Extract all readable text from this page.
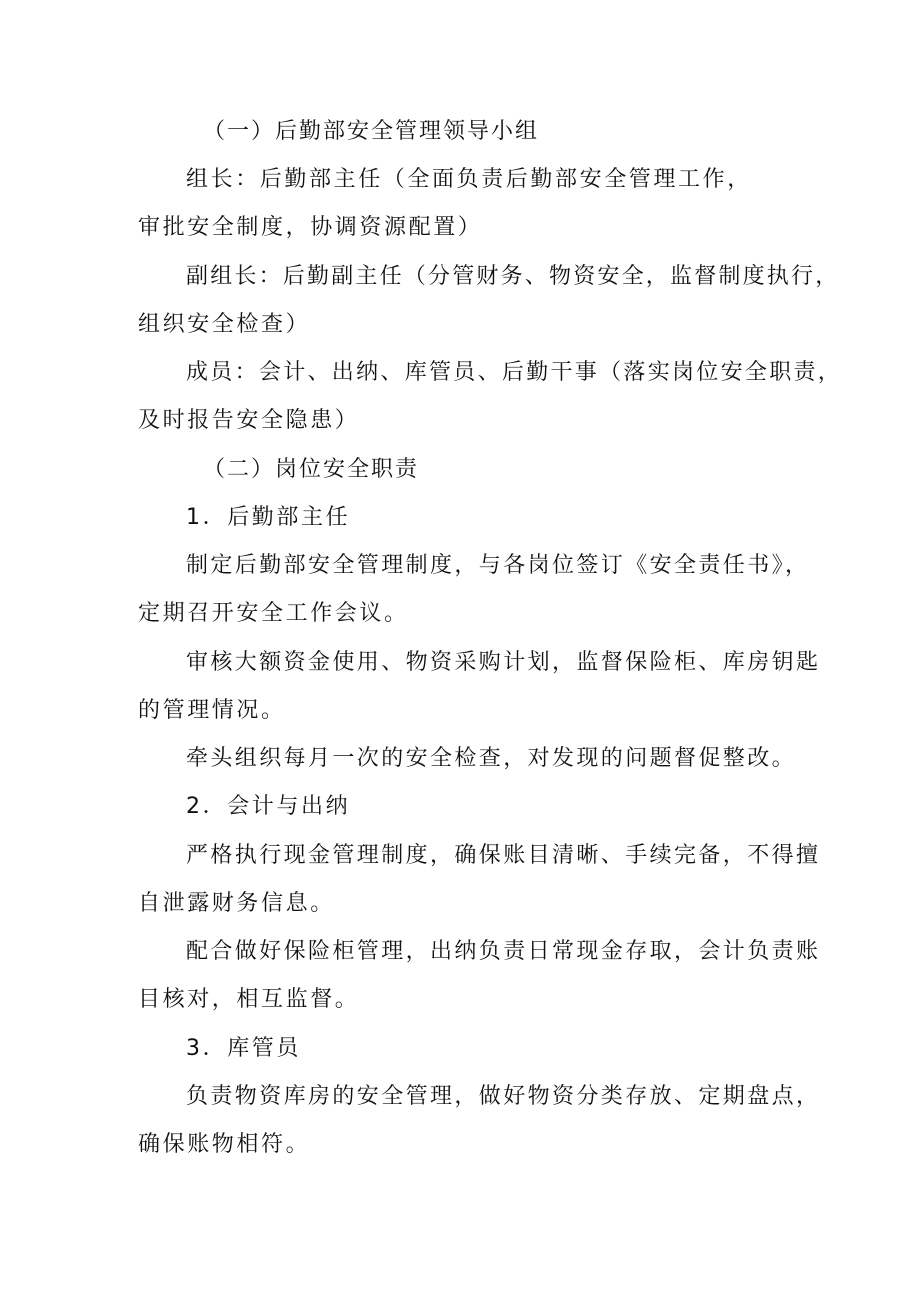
（一）后勤部安全管理领导小组
组长：后勤部主任（全面负责后勤部安全管理工作，
审批安全制度，协调资源配置）
副组长：后勤副主任（分管财务、物资安全，监督制度执行，
组织安全检查）
成员：会计、出纳、库管员、后勤干事（落实岗位安全职责，
及时报告安全隐患）
（二）岗位安全职责
1．后勤部主任
制定后勤部安全管理制度，与各岗位签订《安全责任书》，
定期召开安全工作会议。
审核大额资金使用、物资采购计划，监督保险柜、库房钥匙
的管理情况。
牵头组织每月一次的安全检查，对发现的问题督促整改。
2．会计与出纳
严格执行现金管理制度，确保账目清晰、手续完备，不得擅
自泄露财务信息。
配合做好保险柜管理，出纳负责日常现金存取，会计负责账
目核对，相互监督。
3．库管员
负责物资库房的安全管理，做好物资分类存放、定期盘点，
确保账物相符。
